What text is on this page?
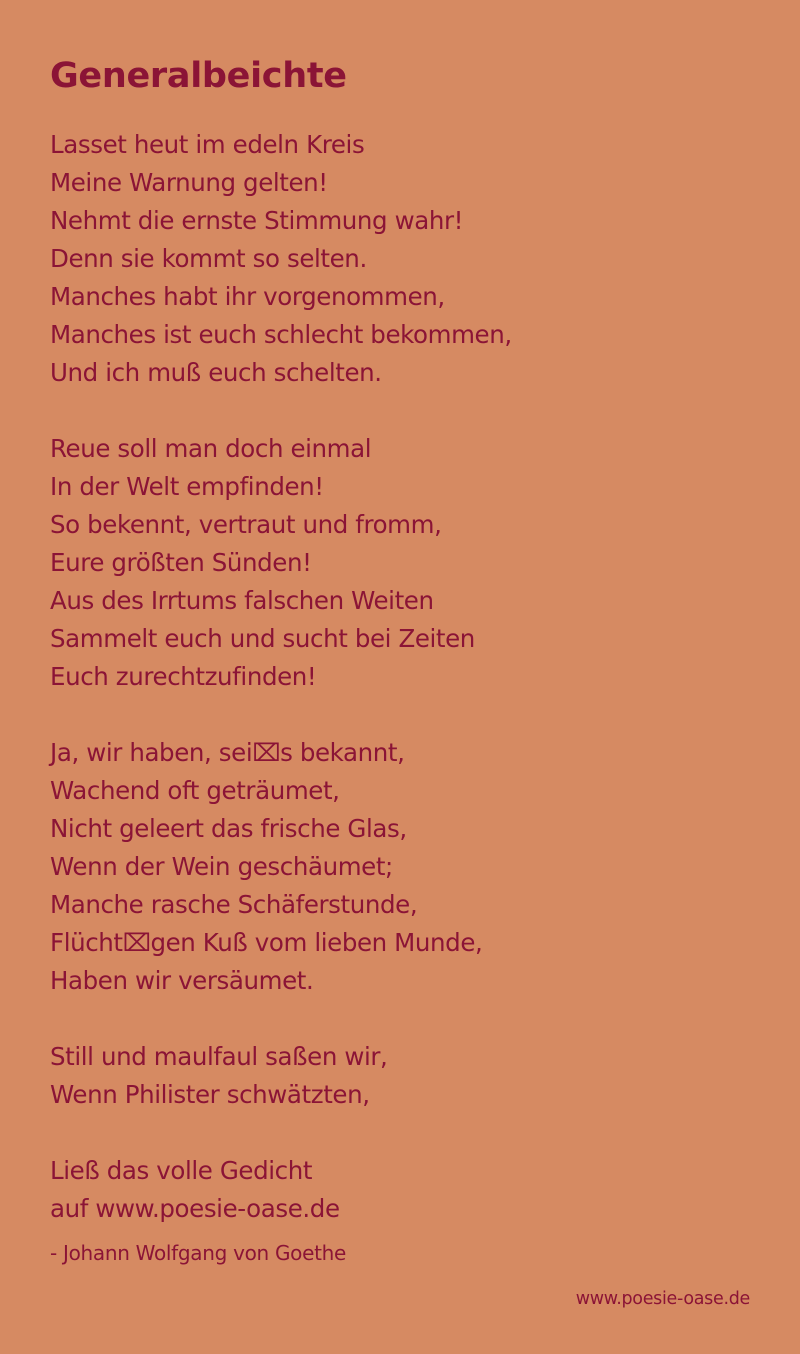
Generalbeichte
Lasset heut im edeln Kreis
Meine Warnung gelten!
Nehmt die ernste Stimmung wahr!
Denn sie kommt so selten.
Manches habt ihr vorgenommen,
Manches ist euch schlecht bekommen,
Und ich muß euch schelten.
Reue soll man doch einmal
In der Welt empfinden!
So bekennt, vertraut und fromm,
Eure größten Sünden!
Aus des Irrtums falschen Weiten
Sammelt euch und sucht bei Zeiten
Euch zurechtzufinden!
Ja, wir haben, sei⌧s bekannt,
Wachend oft geträumet,
Nicht geleert das frische Glas,
Wenn der Wein geschäumet;
Manche rasche Schäferstunde,
Flücht⌧gen Kuß vom lieben Munde,
Haben wir versäumet.
Still und maulfaul saßen wir,
Wenn Philister schwätzten,
Ließ das volle Gedicht
auf www.poesie-oase.de
- Johann Wolfgang von Goethe
www.poesie-oase.de
